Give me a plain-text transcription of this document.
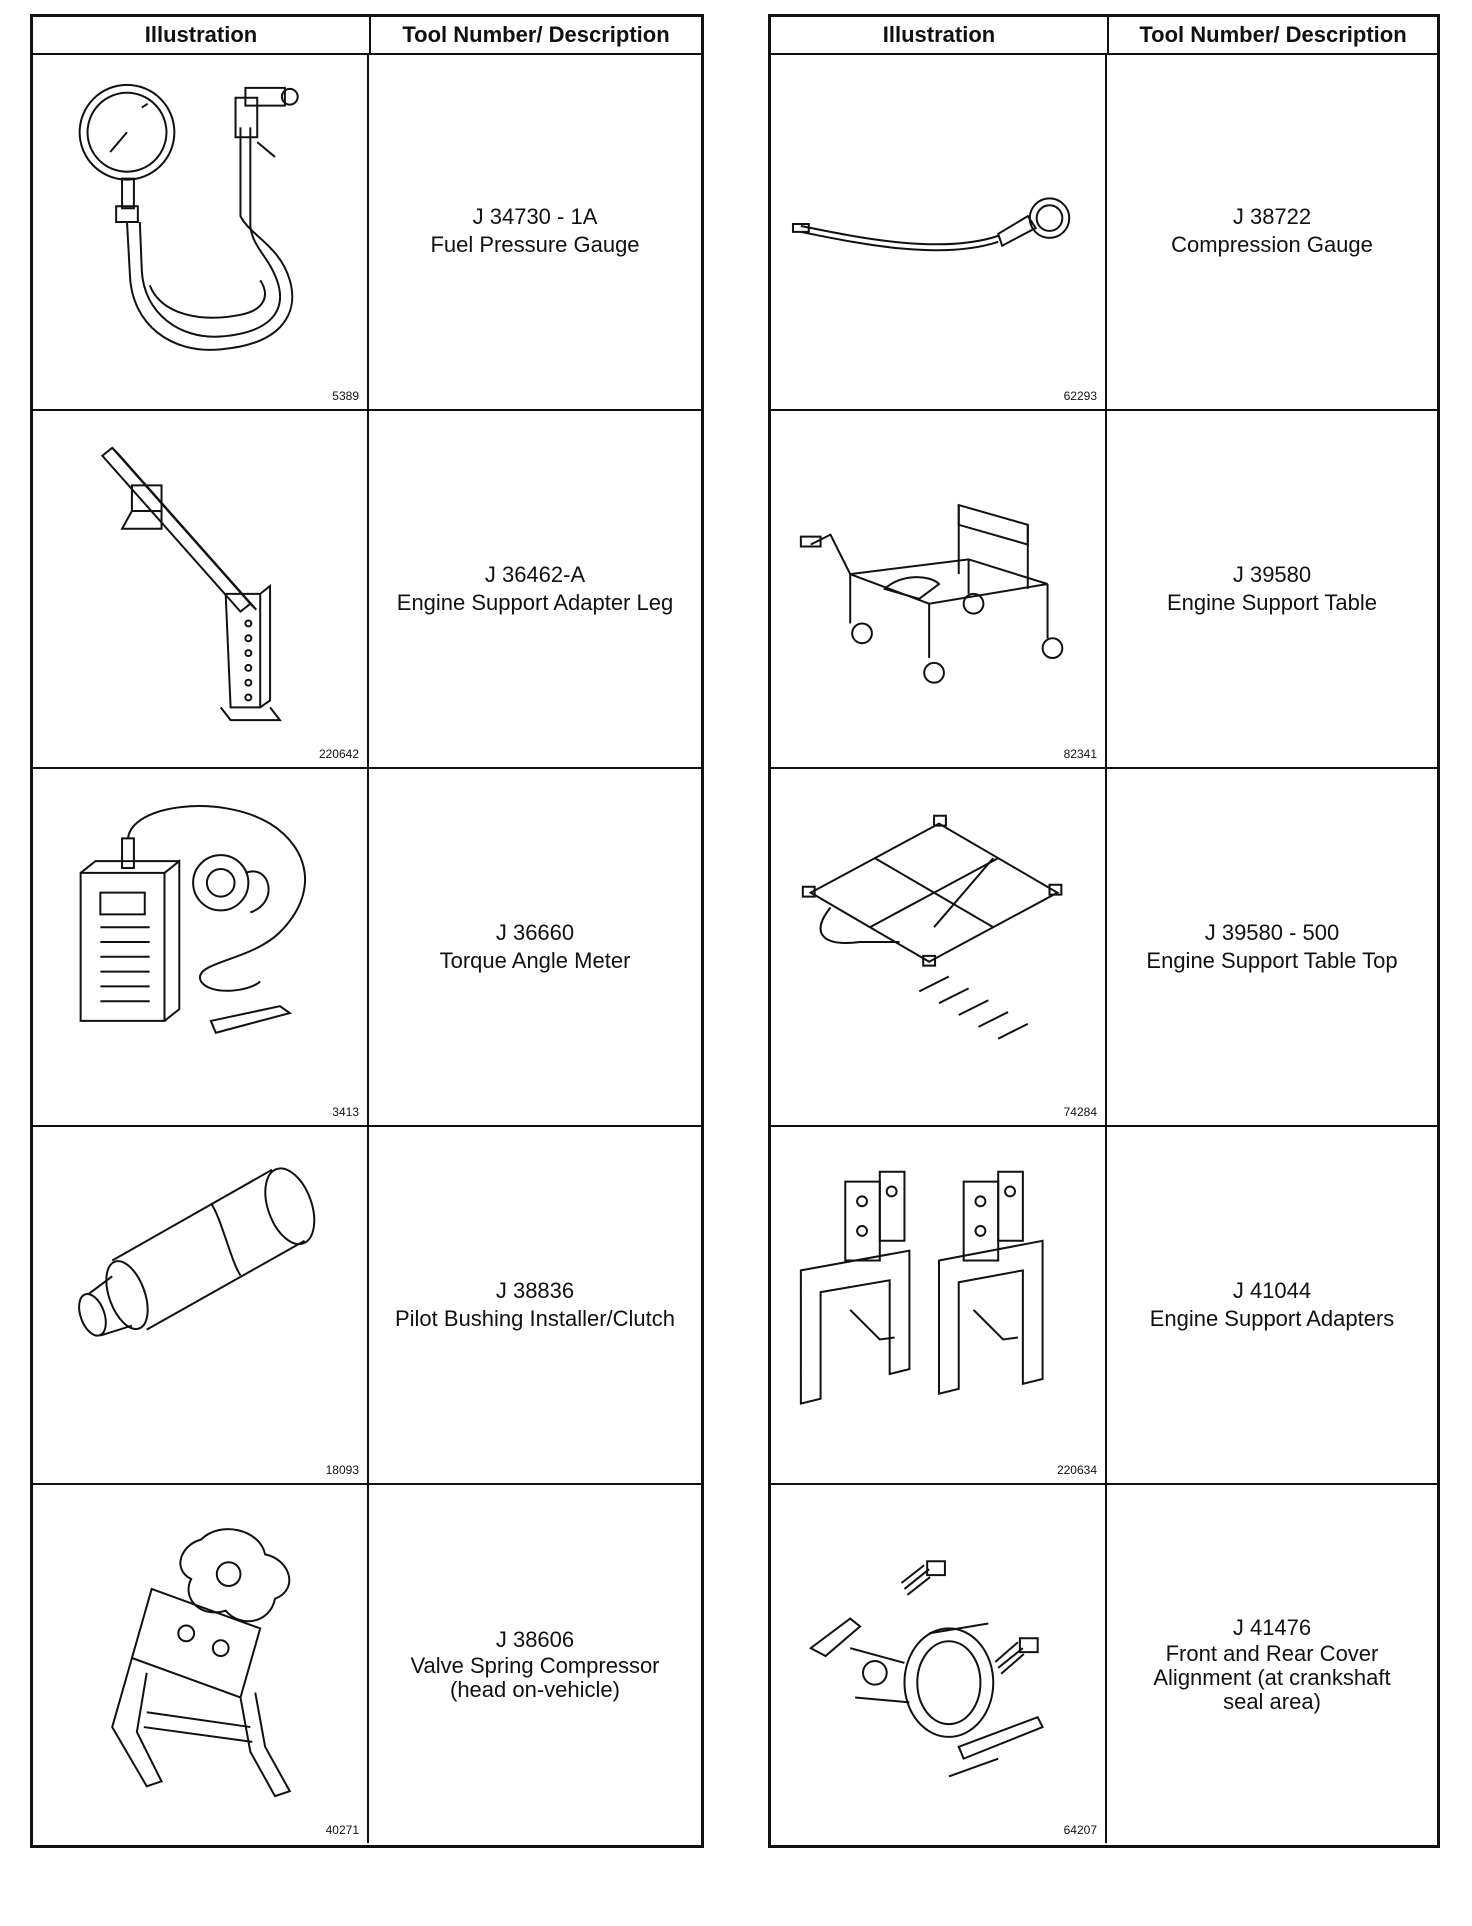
Illustration	Tool Number/ Description
5389
J 34730 - 1A
Fuel Pressure Gauge
220642
J 36462-A
Engine Support Adapter Leg
3413
J 36660
Torque Angle Meter
18093
J 38836
Pilot Bushing Installer/Clutch
40271
J 38606
Valve Spring Compressor
(head on-vehicle)
Illustration	Tool Number/ Description
62293
J 38722
Compression Gauge
82341
J 39580
Engine Support Table
74284
J 39580 - 500
Engine Support Table Top
220634
J 41044
Engine Support Adapters
64207
J 41476
Front and Rear Cover
Alignment (at crankshaft
seal area)
